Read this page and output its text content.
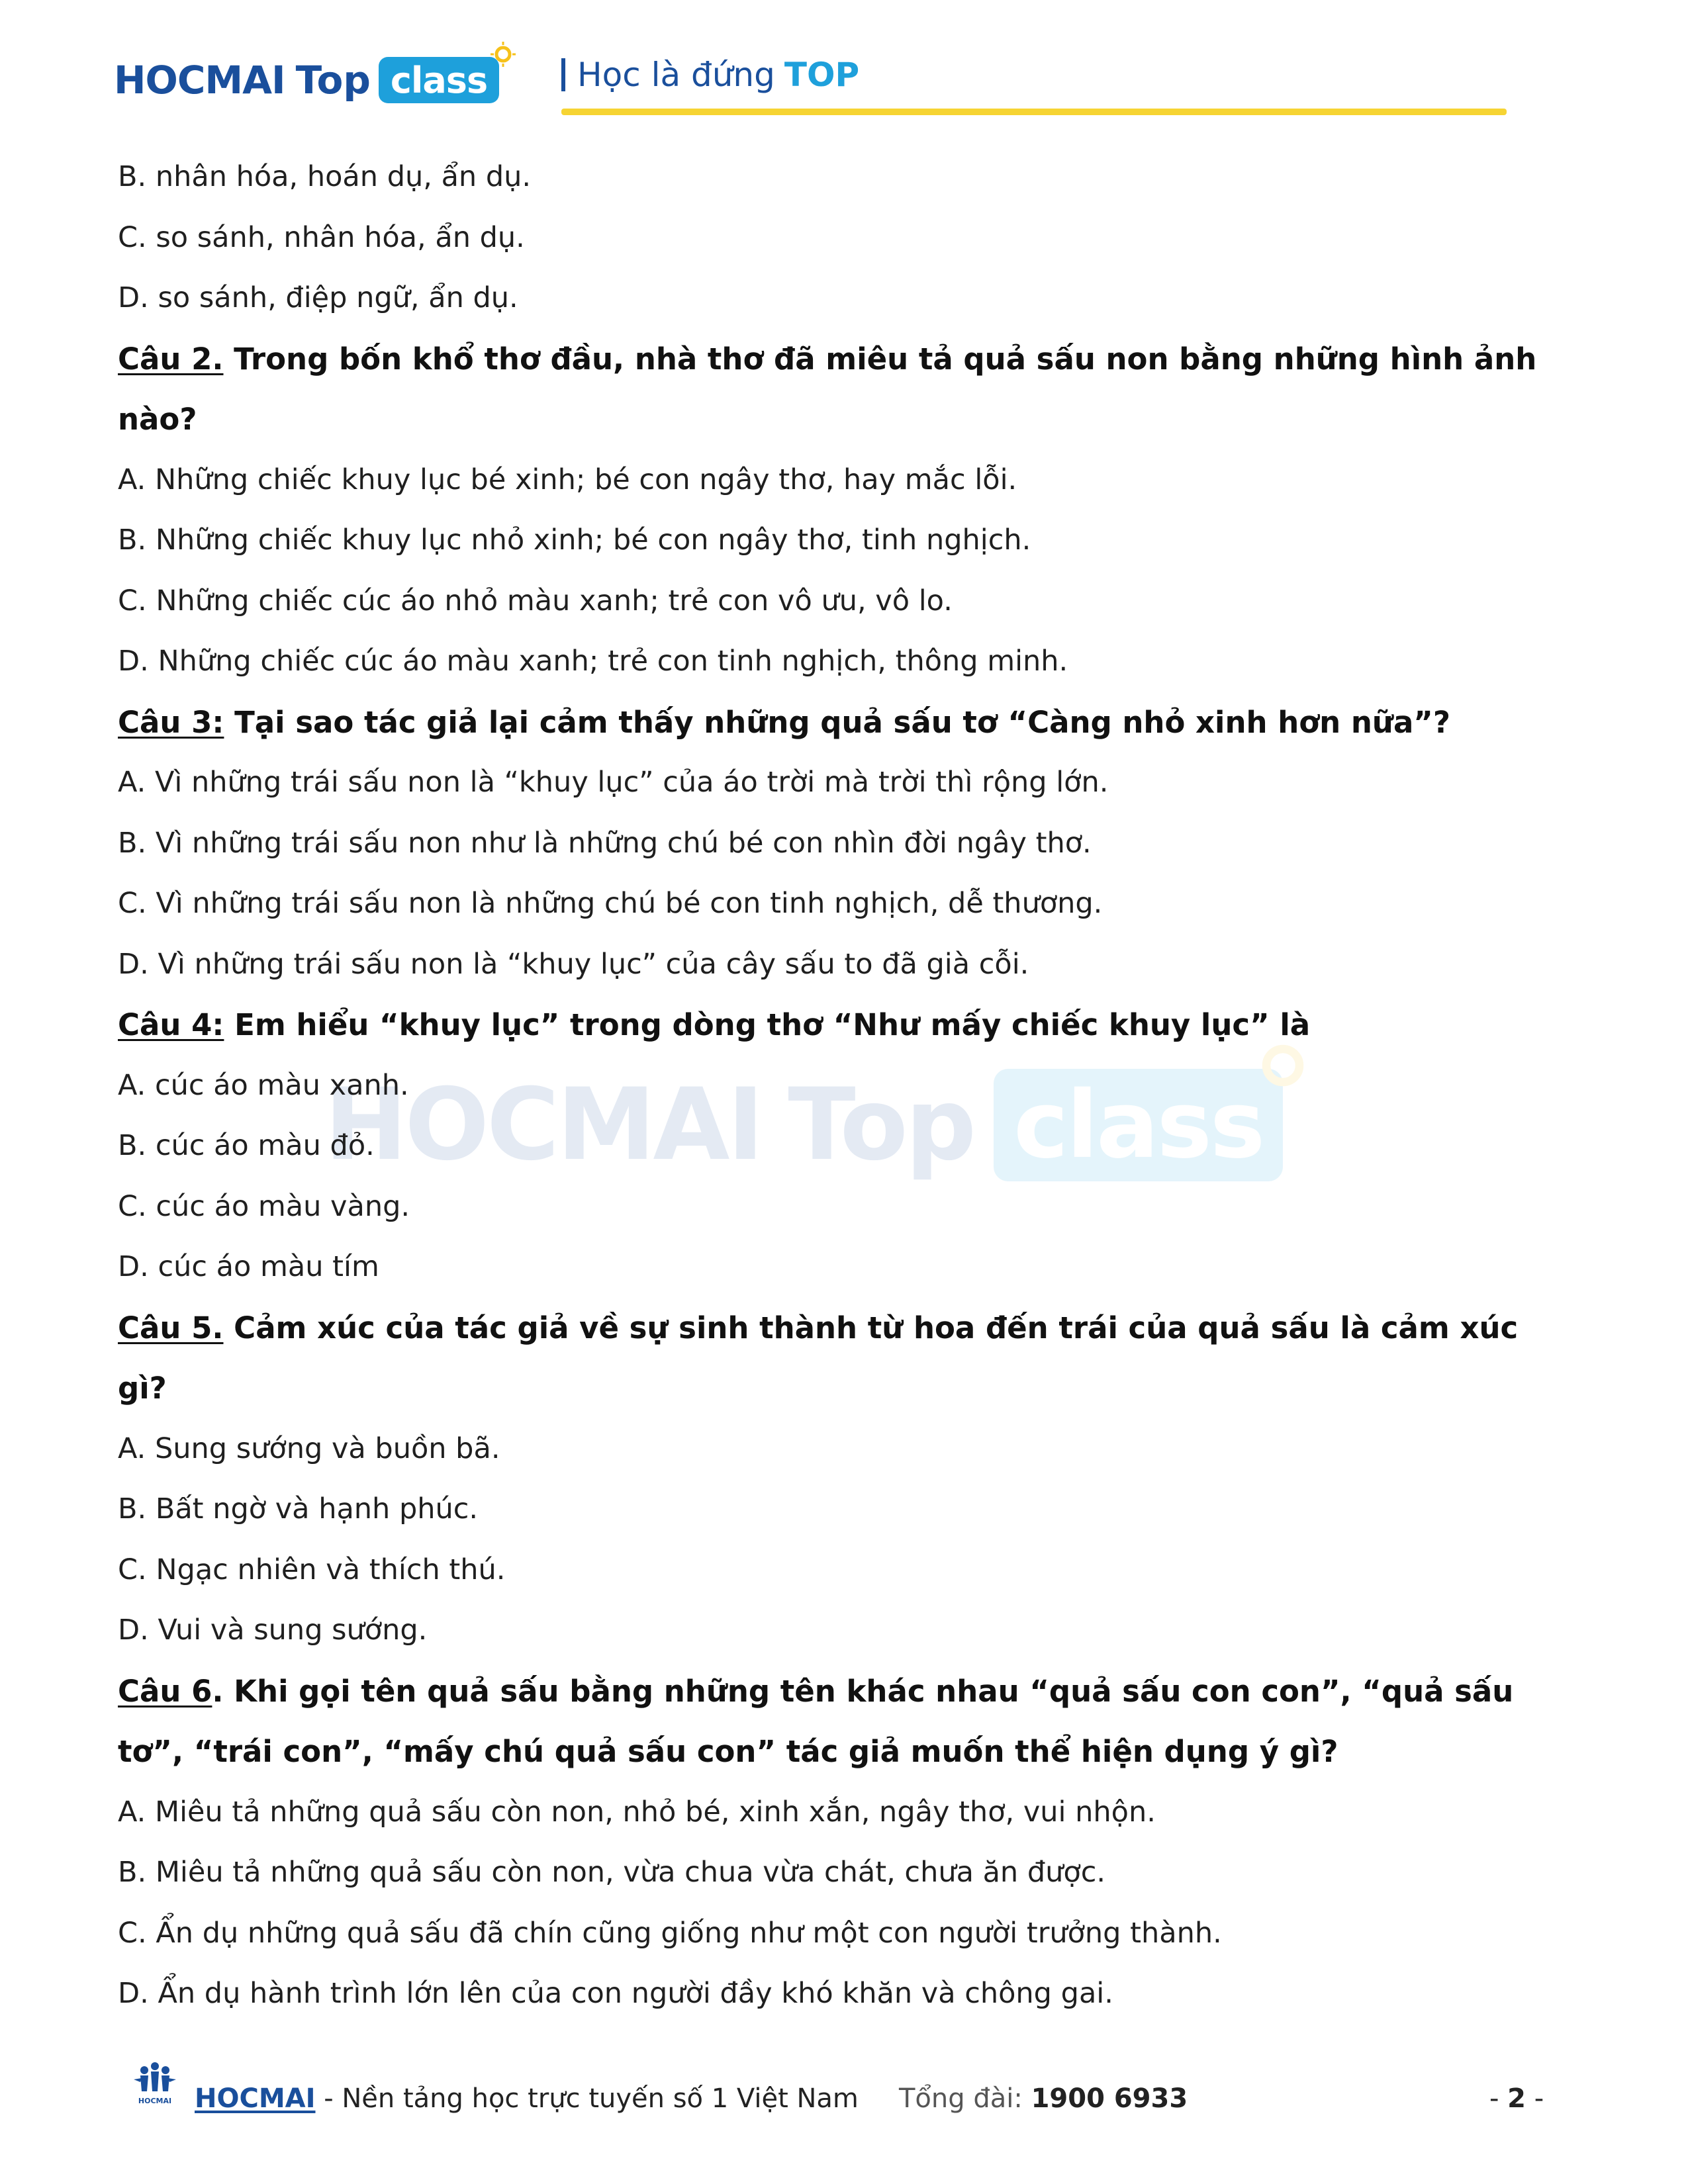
HOCMAI Top class	Học là đứng TOP
HOCMAI Top class
B. nhân hóa, hoán dụ, ẩn dụ.
C. so sánh, nhân hóa, ẩn dụ.
D. so sánh, điệp ngữ, ẩn dụ.
Câu 2. Trong bốn khổ thơ đầu, nhà thơ đã miêu tả quả sấu non bằng những hình ảnh nào?
A. Những chiếc khuy lục bé xinh; bé con ngây thơ, hay mắc lỗi.
B. Những chiếc khuy lục nhỏ xinh; bé con ngây thơ, tinh nghịch.
C. Những chiếc cúc áo nhỏ màu xanh; trẻ con vô ưu, vô lo.
D. Những chiếc cúc áo màu xanh; trẻ con tinh nghịch, thông minh.
Câu 3: Tại sao tác giả lại cảm thấy những quả sấu tơ “Càng nhỏ xinh hơn nữa”?
A. Vì những trái sấu non là “khuy lục” của áo trời mà trời thì rộng lớn.
B. Vì những trái sấu non như là những chú bé con nhìn đời ngây thơ.
C. Vì những trái sấu non là những chú bé con tinh nghịch, dễ thương.
D. Vì những trái sấu non là “khuy lục” của cây sấu to đã già cỗi.
Câu 4: Em hiểu “khuy lục” trong dòng thơ “Như mấy chiếc khuy lục” là
A. cúc áo màu xanh.
B. cúc áo màu đỏ.
C. cúc áo màu vàng.
D. cúc áo màu tím
Câu 5. Cảm xúc của tác giả về sự sinh thành từ hoa đến trái của quả sấu là cảm xúc gì?
A. Sung sướng và buồn bã.
B. Bất ngờ và hạnh phúc.
C. Ngạc nhiên và thích thú.
D. Vui và sung sướng.
Câu 6. Khi gọi tên quả sấu bằng những tên khác nhau “quả sấu con con”, “quả sấu tơ”, “trái con”, “mấy chú quả sấu con” tác giả muốn thể hiện dụng ý gì?
A. Miêu tả những quả sấu còn non, nhỏ bé, xinh xắn, ngây thơ, vui nhộn.
B. Miêu tả những quả sấu còn non, vừa chua vừa chát, chưa ăn được.
C. Ẩn dụ những quả sấu đã chín cũng giống như một con người trưởng thành.
D. Ẩn dụ hành trình lớn lên của con người đầy khó khăn và chông gai.
HOCMAI HOCMAI - Nền tảng học trực tuyến số 1 Việt Nam Tổng đài: 1900 6933	- 2 -
